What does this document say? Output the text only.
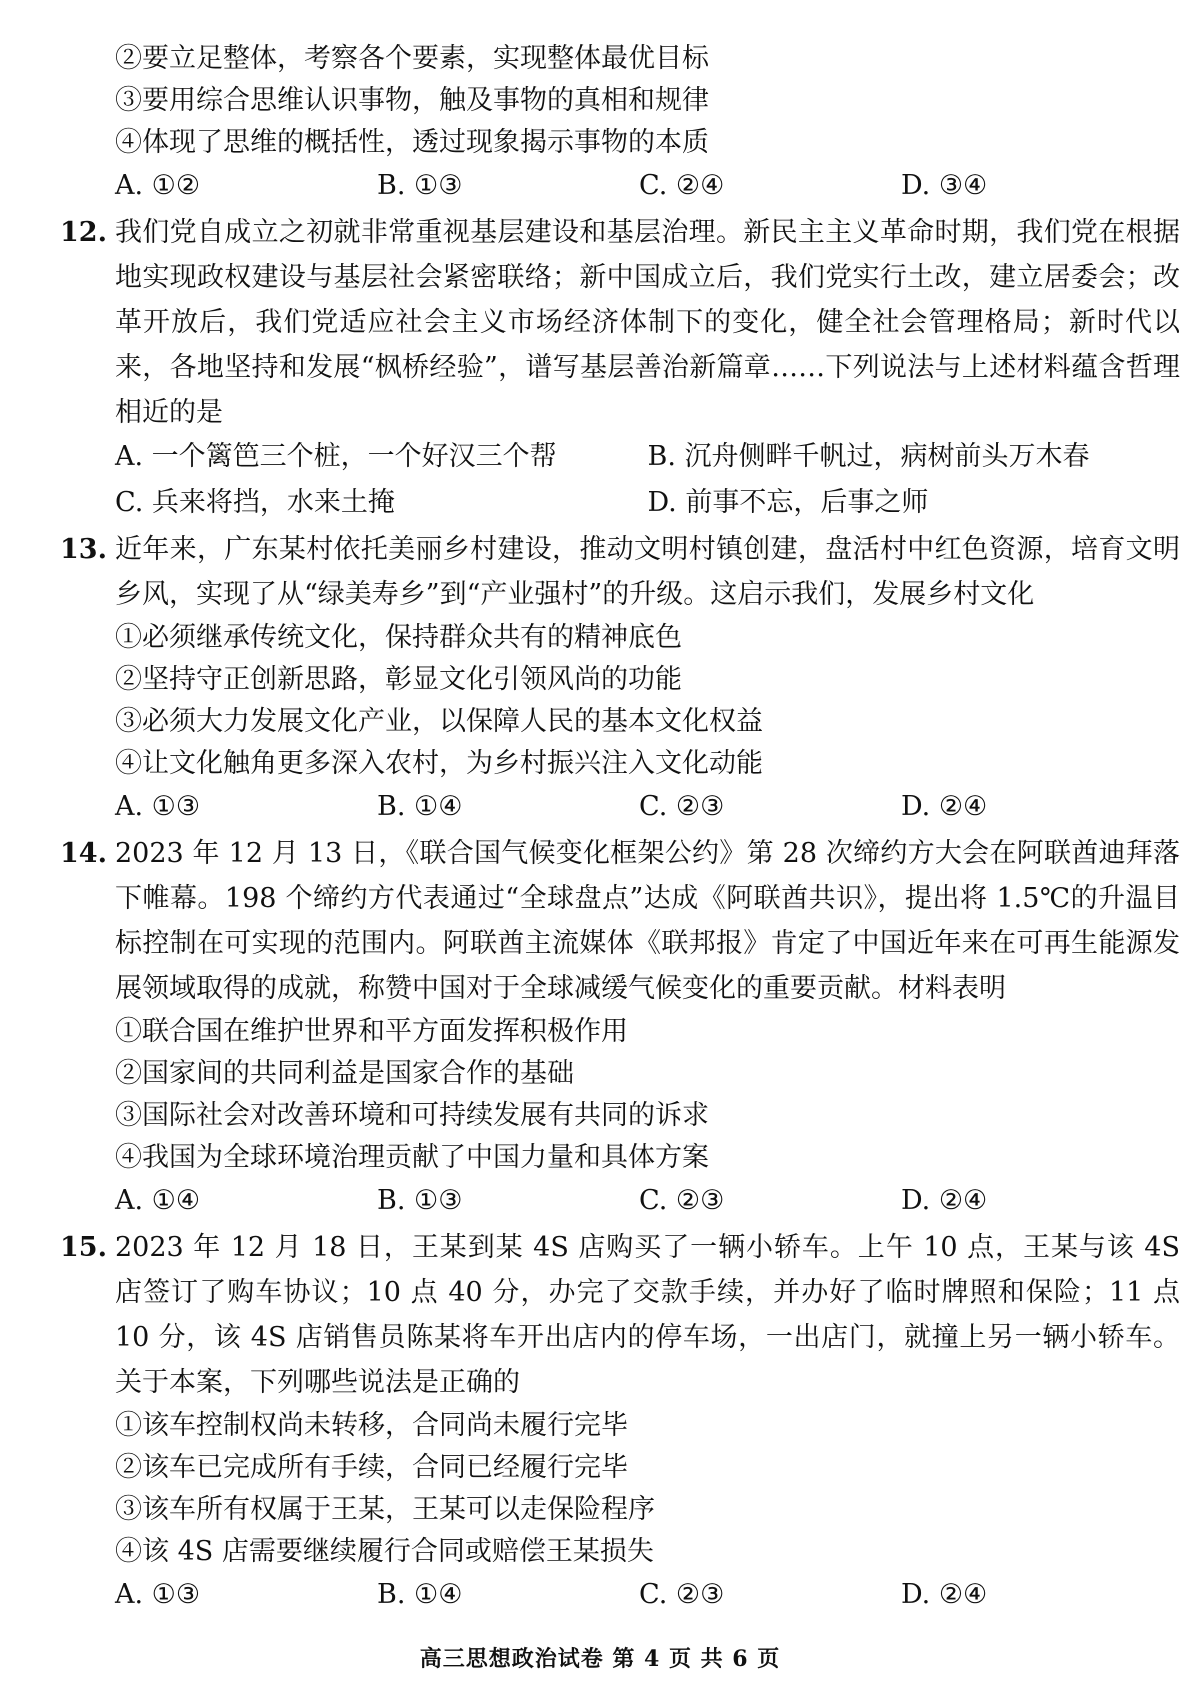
②要立足整体，考察各个要素，实现整体最优目标
③要用综合思维认识事物，触及事物的真相和规律
④体现了思维的概括性，透过现象揭示事物的本质
A. ①②	B. ①③	C. ②④	D. ③④
12. 我们党自成立之初就非常重视基层建设和基层治理。新民主主义革命时期，我们党在根据地实现政权建设与基层社会紧密联络；新中国成立后，我们党实行土改，建立居委会；改革开放后，我们党适应社会主义市场经济体制下的变化，健全社会管理格局；新时代以来，各地坚持和发展“枫桥经验”，谱写基层善治新篇章……下列说法与上述材料蕴含哲理相近的是
A. 一个篱笆三个桩，一个好汉三个帮	B. 沉舟侧畔千帆过，病树前头万木春
C. 兵来将挡，水来土掩	D. 前事不忘，后事之师
13. 近年来，广东某村依托美丽乡村建设，推动文明村镇创建，盘活村中红色资源，培育文明乡风，实现了从“绿美寿乡”到“产业强村”的升级。这启示我们，发展乡村文化
①必须继承传统文化，保持群众共有的精神底色
②坚持守正创新思路，彰显文化引领风尚的功能
③必须大力发展文化产业，以保障人民的基本文化权益
④让文化触角更多深入农村，为乡村振兴注入文化动能
A. ①③	B. ①④	C. ②③	D. ②④
14. 2023 年 12 月 13 日，《联合国气候变化框架公约》第 28 次缔约方大会在阿联酋迪拜落下帷幕。198 个缔约方代表通过“全球盘点”达成《阿联酋共识》，提出将 1.5℃的升温目标控制在可实现的范围内。阿联酋主流媒体《联邦报》肯定了中国近年来在可再生能源发展领域取得的成就，称赞中国对于全球减缓气候变化的重要贡献。材料表明
①联合国在维护世界和平方面发挥积极作用
②国家间的共同利益是国家合作的基础
③国际社会对改善环境和可持续发展有共同的诉求
④我国为全球环境治理贡献了中国力量和具体方案
A. ①④	B. ①③	C. ②③	D. ②④
15. 2023 年 12 月 18 日，王某到某 4S 店购买了一辆小轿车。上午 10 点，王某与该 4S 店签订了购车协议；10 点 40 分，办完了交款手续，并办好了临时牌照和保险；11 点 10 分，该 4S 店销售员陈某将车开出店内的停车场，一出店门，就撞上另一辆小轿车。关于本案，下列哪些说法是正确的
①该车控制权尚未转移，合同尚未履行完毕
②该车已完成所有手续，合同已经履行完毕
③该车所有权属于王某，王某可以走保险程序
④该 4S 店需要继续履行合同或赔偿王某损失
A. ①③	B. ①④	C. ②③	D. ②④
高三思想政治试卷 第 4 页 共 6 页
